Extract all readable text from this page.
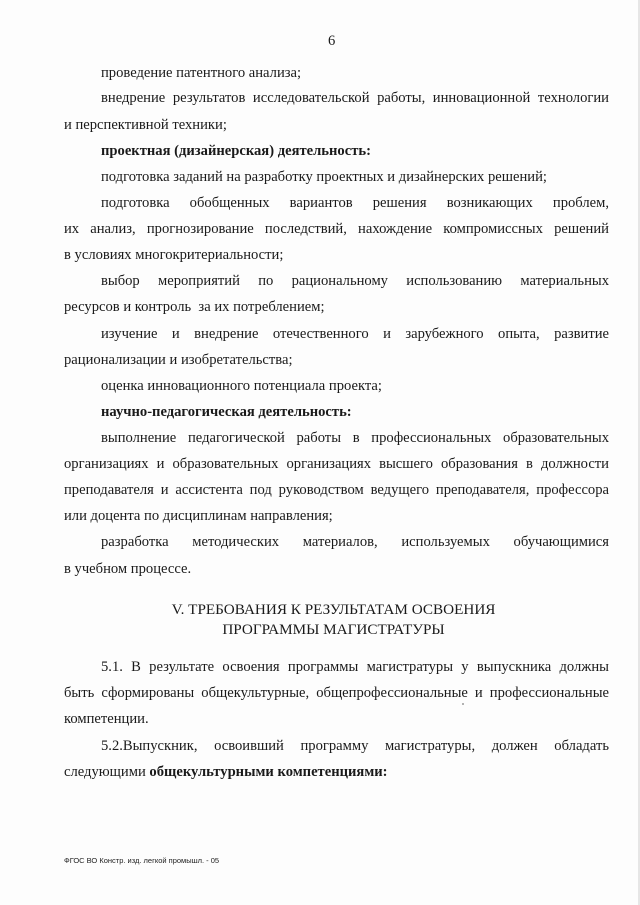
6
проведение патентного анализа;
внедрение результатов исследовательской работы, инновационной технологии
и перспективной техники;
проектная (дизайнерская) деятельность:
подготовка заданий на разработку проектных и дизайнерских решений;
подготовка обобщенных вариантов решения возникающих проблем,
их анализ, прогнозирование последствий, нахождение компромиссных решений
в условиях многокритериальности;
выбор мероприятий по рациональному использованию материальных
ресурсов и контроль  за их потреблением;
изучение и внедрение отечественного и зарубежного опыта, развитие
рационализации и изобретательства;
оценка инновационного потенциала проекта;
научно-педагогическая деятельность:
выполнение педагогической работы в профессиональных образовательных
организациях и образовательных организациях высшего образования в должности
преподавателя и ассистента под руководством ведущего преподавателя, профессора
или доцента по дисциплинам направления;
разработка методических материалов, используемых обучающимися
в учебном процессе.
V. ТРЕБОВАНИЯ К РЕЗУЛЬТАТАМ ОСВОЕНИЯ
ПРОГРАММЫ МАГИСТРАТУРЫ
5.1. В результате освоения программы магистратуры у выпускника должны
быть сформированы общекультурные, общепрофессиональные и профессиональные
компетенции.
5.2.Выпускник, освоивший программу магистратуры, должен обладать
следующими общекультурными компетенциями:
ФГОС ВО Констр. изд. легкой промышл. - 05
